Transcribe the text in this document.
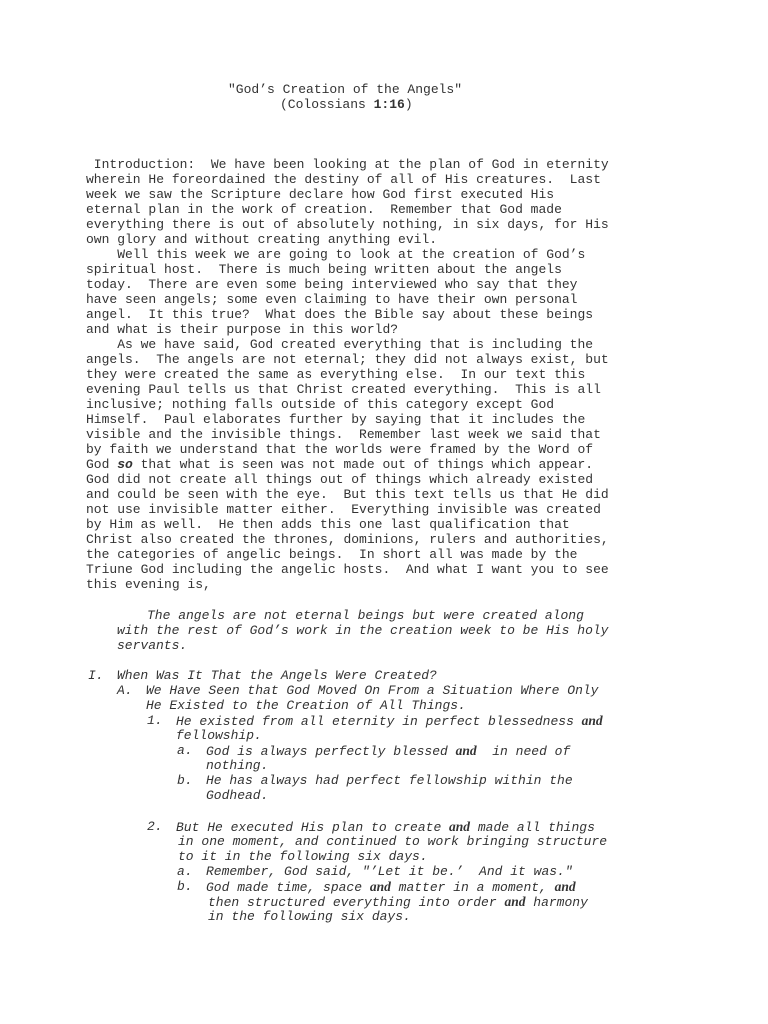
"God’s Creation of the Angels"
(Colossians 1:16)
Introduction:  We have been looking at the plan of God in eternity
wherein He foreordained the destiny of all of His creatures.  Last
week we saw the Scripture declare how God first executed His
eternal plan in the work of creation.  Remember that God made
everything there is out of absolutely nothing, in six days, for His
own glory and without creating anything evil.
Well this week we are going to look at the creation of God’s
spiritual host.  There is much being written about the angels
today.  There are even some being interviewed who say that they
have seen angels; some even claiming to have their own personal
angel.  It this true?  What does the Bible say about these beings
and what is their purpose in this world?
As we have said, God created everything that is including the
angels.  The angels are not eternal; they did not always exist, but
they were created the same as everything else.  In our text this
evening Paul tells us that Christ created everything.  This is all
inclusive; nothing falls outside of this category except God
Himself.  Paul elaborates further by saying that it includes the
visible and the invisible things.  Remember last week we said that
by faith we understand that the worlds were framed by the Word of
God so that what is seen was not made out of things which appear.
God did not create all things out of things which already existed
and could be seen with the eye.  But this text tells us that He did
not use invisible matter either.  Everything invisible was created
by Him as well.  He then adds this one last qualification that
Christ also created the thrones, dominions, rulers and authorities,
the categories of angelic beings.  In short all was made by the
Triune God including the angelic hosts.  And what I want you to see
this evening is,
The angels are not eternal beings but were created along
with the rest of God’s work in the creation week to be His holy
servants.
I. When Was It That the Angels Were Created?
A. We Have Seen that God Moved On From a Situation Where Only
He Existed to the Creation of All Things.
1. He existed from all eternity in perfect blessedness and
fellowship.
a. God is always perfectly blessed and  in need of
nothing.
b. He has always had perfect fellowship within the
Godhead.
2. But He executed His plan to create and made all things
in one moment, and continued to work bringing structure
to it in the following six days.
a. Remember, God said, "’Let it be.’  And it was."
b. God made time, space and matter in a moment, and
then structured everything into order and harmony
in the following six days.
